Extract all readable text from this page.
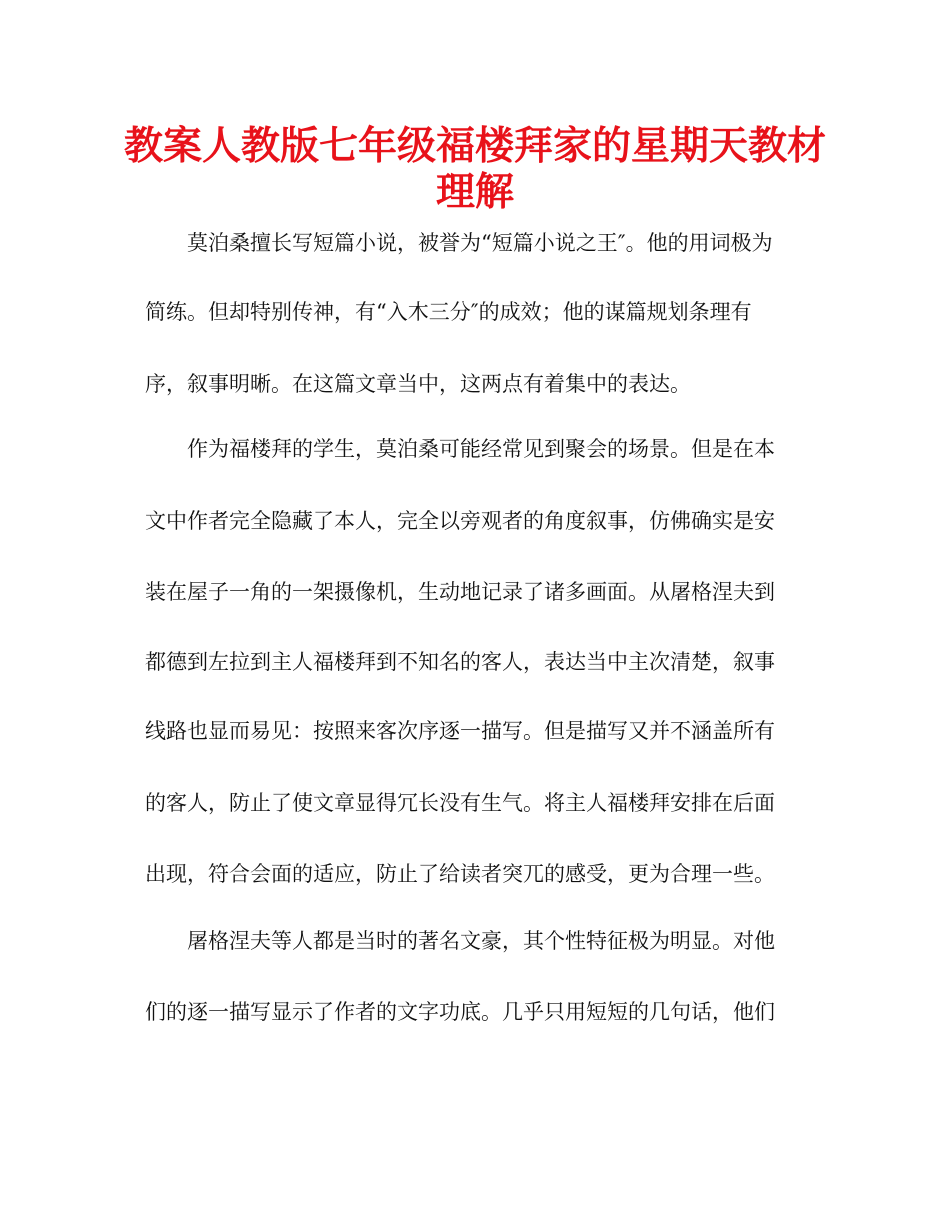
教案人教版七年级福楼拜家的星期天教材
理解

莫泊桑擅长写短篇小说，被誉为“短篇小说之王″。他的用词极为

简练。但却特别传神，有“入木三分″的成效；他的谋篇规划条理有

序，叙事明晰。在这篇文章当中，这两点有着集中的表达。

作为福楼拜的学生，莫泊桑可能经常见到聚会的场景。但是在本

文中作者完全隐藏了本人，完全以旁观者的角度叙事，仿佛确实是安

装在屋子一角的一架摄像机，生动地记录了诸多画面。从屠格涅夫到

都德到左拉到主人福楼拜到不知名的客人，表达当中主次清楚，叙事

线路也显而易见：按照来客次序逐一描写。但是描写又并不涵盖所有

的客人，防止了使文章显得冗长没有生气。将主人福楼拜安排在后面

出现，符合会面的适应，防止了给读者突兀的感受，更为合理一些。

屠格涅夫等人都是当时的著名文豪，其个性特征极为明显。对他

们的逐一描写显示了作者的文字功底。几乎只用短短的几句话，他们
